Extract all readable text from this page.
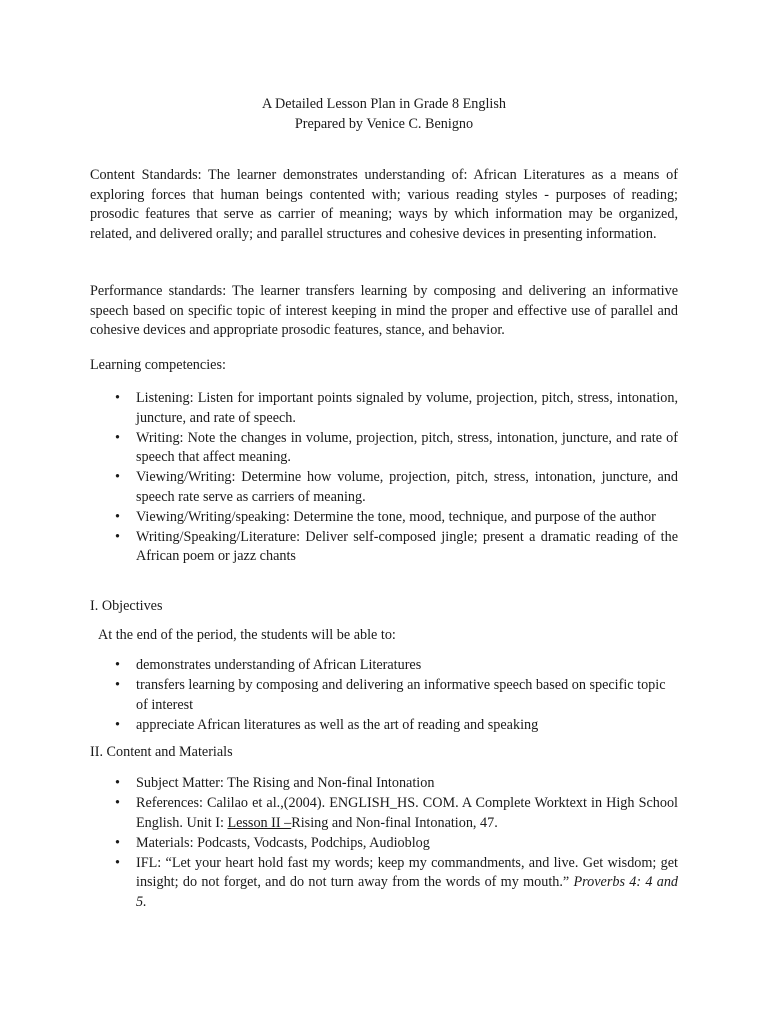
A Detailed Lesson Plan in Grade 8 English
Prepared by Venice C. Benigno
Content Standards: The learner demonstrates understanding of: African Literatures as a means of exploring forces that human beings contented with; various reading styles - purposes of reading; prosodic features that serve as carrier of meaning; ways by which information may be organized, related, and delivered orally; and parallel structures and cohesive devices in presenting information.
Performance standards: The learner transfers learning by composing and delivering an informative speech based on specific topic of interest keeping in mind the proper and effective use of parallel and cohesive devices and appropriate prosodic features, stance, and behavior.
Learning competencies:
• Listening: Listen for important points signaled by volume, projection, pitch, stress, intonation, juncture, and rate of speech.
• Writing: Note the changes in volume, projection, pitch, stress, intonation, juncture, and rate of speech that affect meaning.
• Viewing/Writing: Determine how volume, projection, pitch, stress, intonation, juncture, and speech rate serve as carriers of meaning.
• Viewing/Writing/speaking: Determine the tone, mood, technique, and purpose of the author
• Writing/Speaking/Literature: Deliver self-composed jingle; present a dramatic reading of the African poem or jazz chants
I. Objectives
At the end of the period, the students will be able to:
• demonstrates understanding of African Literatures
• transfers learning by composing and delivering an informative speech based on specific topic of interest
• appreciate African literatures as well as the art of reading and speaking
II. Content and Materials
• Subject Matter: The Rising and Non-final Intonation
• References: Calilao et al.,(2004). ENGLISH_HS. COM. A Complete Worktext in High School English. Unit I: Lesson II –Rising and Non-final Intonation, 47.
• Materials: Podcasts, Vodcasts, Podchips, Audioblog
• IFL: “Let your heart hold fast my words; keep my commandments, and live. Get wisdom; get insight; do not forget, and do not turn away from the words of my mouth.” Proverbs 4: 4 and 5.
